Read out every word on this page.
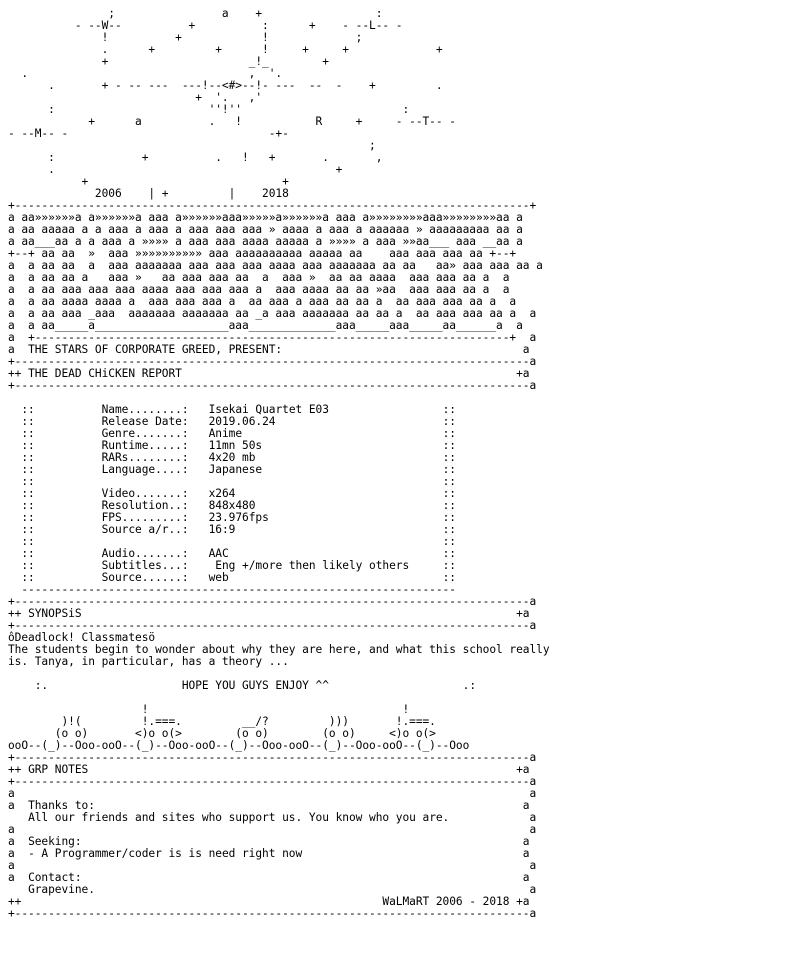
;                a    +                 :
- --W--          +          :      +    - --L-- -
!          +            !             ;
.      +         +      !     +     +             +
+                     _!_        +
.                                 ,  '.
.       + - -- ---  ---!--<#>--!- ---  --  -    +         .
+  '.   ,'
:                       ''!''                        :
+      a          .   !           R     +     - --T-- -
- --M-- -                              -+-
;
:             +          .   !   +       .       ,
.                                          +
+                             +
2006    | +         |    2018
+-----------------------------------------------------------------------------+
a aa»»»»»»a a»»»»»»a aaa a»»»»»»aaa»»»»»a»»»»»»a aaa a»»»»»»»»aaa»»»»»»»»aa a
a aa aaaaa a a aaa a aaa a aaa aaa aaa » aaaa a aaa a aaaaaa » aaaaaaaaa aa a
a aa___aa a a aaa a »»»» a aaa aaa aaaa aaaaa a »»»» a aaa »»aa___ aaa __aa a
+--+ aa aa  »  aaa »»»»»»»»»» aaa aaaaaaaaaa aaaaa aa    aaa aaa aaa aa +--+
a  a aa aa  a  aaa aaaaaaa aaa aaa aaa aaaa aaa aaaaaaa aa aa   aa» aaa aaa aa a
a  a aa aa a   aaa »   aa aaa aaa aa  a  aaa »  aa aa aaaa  aaa aaa aa a  a
a  a aa aaa aaa aaa aaaa aaa aaa aaa a  aaa aaaa aa aa »aa  aaa aaa aa a  a
a  a aa aaaa aaaa a  aaa aaa aaa a  aa aaa a aaa aa aa a  aa aaa aaa aa a  a
a  a aa aaa _aaa  aaaaaaa aaaaaaa aa _a aaa aaaaaaa aa aa a  aa aaa aaa aa a  a
a  a aa_____a____________________aaa_____________aaa_____aaa_____aa______a  a
a  +-----------------------------------------------------------------------+  a
a  THE STARS OF CORPORATE GREED, PRESENT:	a
+-----------------------------------------------------------------------------a
++ THE DEAD CHiCKEN REPORT	+a
+-----------------------------------------------------------------------------a

::          Name........: Isekai Quartet E03	::
::          Release Date: 2019.06.24	::
::          Genre.......: Anime	::
::          Runtime.....: 11mn 50s	::
::          RARs........: 4x20 mb	::
::          Language....: Japanese	::
::	::
::          Video.......: x264	::
::          Resolution..: 848x480	::
::          FPS.........: 23.976fps	::
::          Source a/r..: 16:9	::
::	::
::          Audio.......: AAC	::
::          Subtitles...:    Eng +/more then likely others	::
::          Source......: web	::
-----------------------------------------------------------------
+-----------------------------------------------------------------------------a
++ SYNOPSiS	+a
+-----------------------------------------------------------------------------a
ôDeadlock! Classmatesö
The students begin to wonder about why they are here, and what this school really
is. Tanya, in particular, has a theory ...

:.	HOPE YOU GUYS ENJOY ^^	.:

!                                      !
)!(         !.===.         __/?         )))       !.===.
(o o)       <)o o(>        (o o)        (o o)     <)o o(>
ooO--(_)--Ooo-ooO--(_)--Ooo-ooO--(_)--Ooo-ooO--(_)--Ooo-ooO--(_)--Ooo
+-----------------------------------------------------------------------------a
++ GRP NOTES	+a
+-----------------------------------------------------------------------------a
a                                                                             a
a  Thanks to:	a
All our friends and sites who support us. You know who you are.	a
a                                                                             a
a  Seeking:	a
a  - A Programmer/coder is is need right now	a
a                                                                             a
a  Contact:	a
Grapevine.	a
++                                                      WaLMaRT 2006 - 2018 +a
+-----------------------------------------------------------------------------a
